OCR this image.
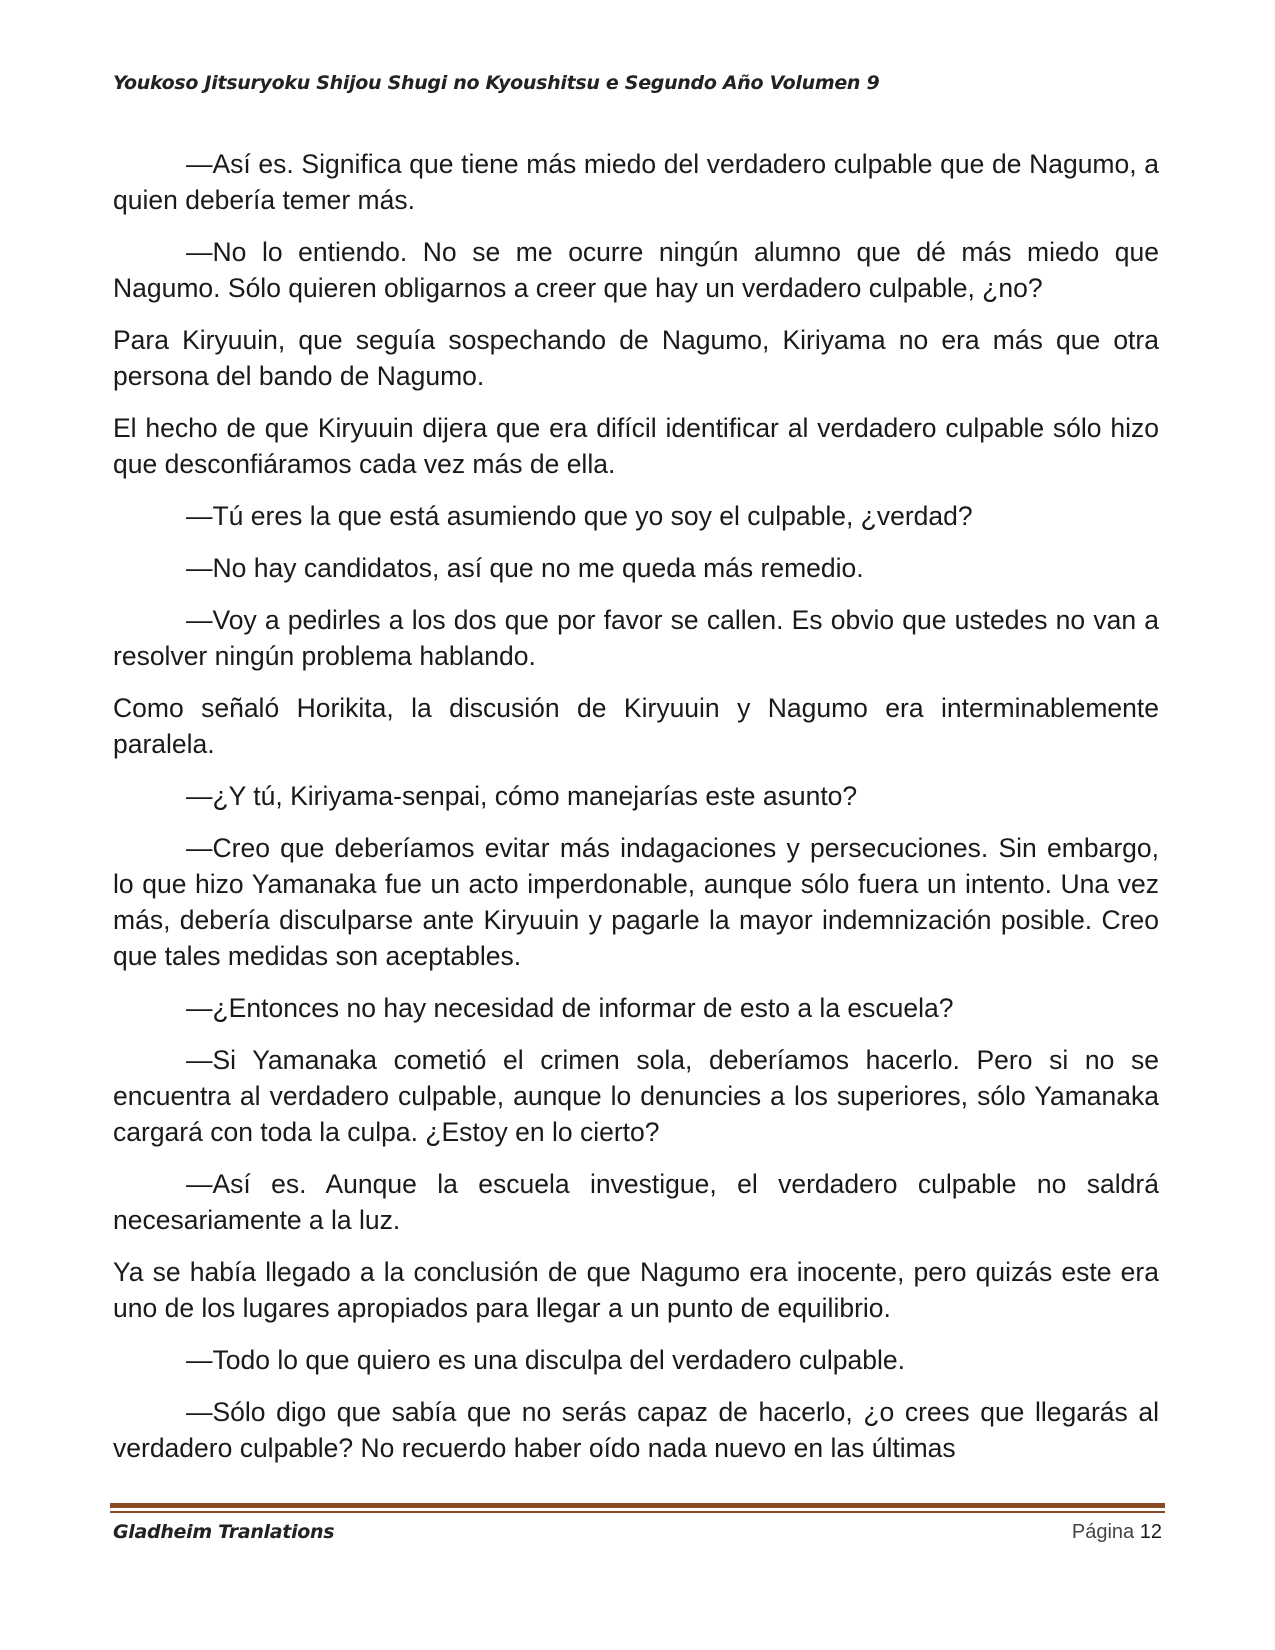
Youkoso Jitsuryoku Shijou Shugi no Kyoushitsu e Segundo Año Volumen 9

—Así es. Significa que tiene más miedo del verdadero culpable que de Nagumo, a quien debería temer más.

—No lo entiendo. No se me ocurre ningún alumno que dé más miedo que Nagumo. Sólo quieren obligarnos a creer que hay un verdadero culpable, ¿no?

Para Kiryuuin, que seguía sospechando de Nagumo, Kiriyama no era más que otra persona del bando de Nagumo.

El hecho de que Kiryuuin dijera que era difícil identificar al verdadero culpable sólo hizo que desconfiáramos cada vez más de ella.

—Tú eres la que está asumiendo que yo soy el culpable, ¿verdad?

—No hay candidatos, así que no me queda más remedio.

—Voy a pedirles a los dos que por favor se callen. Es obvio que ustedes no van a resolver ningún problema hablando.

Como señaló Horikita, la discusión de Kiryuuin y Nagumo era interminablemente paralela.

—¿Y tú, Kiriyama-senpai, cómo manejarías este asunto?

—Creo que deberíamos evitar más indagaciones y persecuciones. Sin embargo, lo que hizo Yamanaka fue un acto imperdonable, aunque sólo fuera un intento. Una vez más, debería disculparse ante Kiryuuin y pagarle la mayor indemnización posible. Creo que tales medidas son aceptables.

—¿Entonces no hay necesidad de informar de esto a la escuela?

—Si Yamanaka cometió el crimen sola, deberíamos hacerlo. Pero si no se encuentra al verdadero culpable, aunque lo denuncies a los superiores, sólo Yamanaka cargará con toda la culpa. ¿Estoy en lo cierto?

—Así es. Aunque la escuela investigue, el verdadero culpable no saldrá necesariamente a la luz.

Ya se había llegado a la conclusión de que Nagumo era inocente, pero quizás este era uno de los lugares apropiados para llegar a un punto de equilibrio.

—Todo lo que quiero es una disculpa del verdadero culpable.

—Sólo digo que sabía que no serás capaz de hacerlo, ¿o crees que llegarás al verdadero culpable? No recuerdo haber oído nada nuevo en las últimas

Gladheim Tranlations	Página 12
